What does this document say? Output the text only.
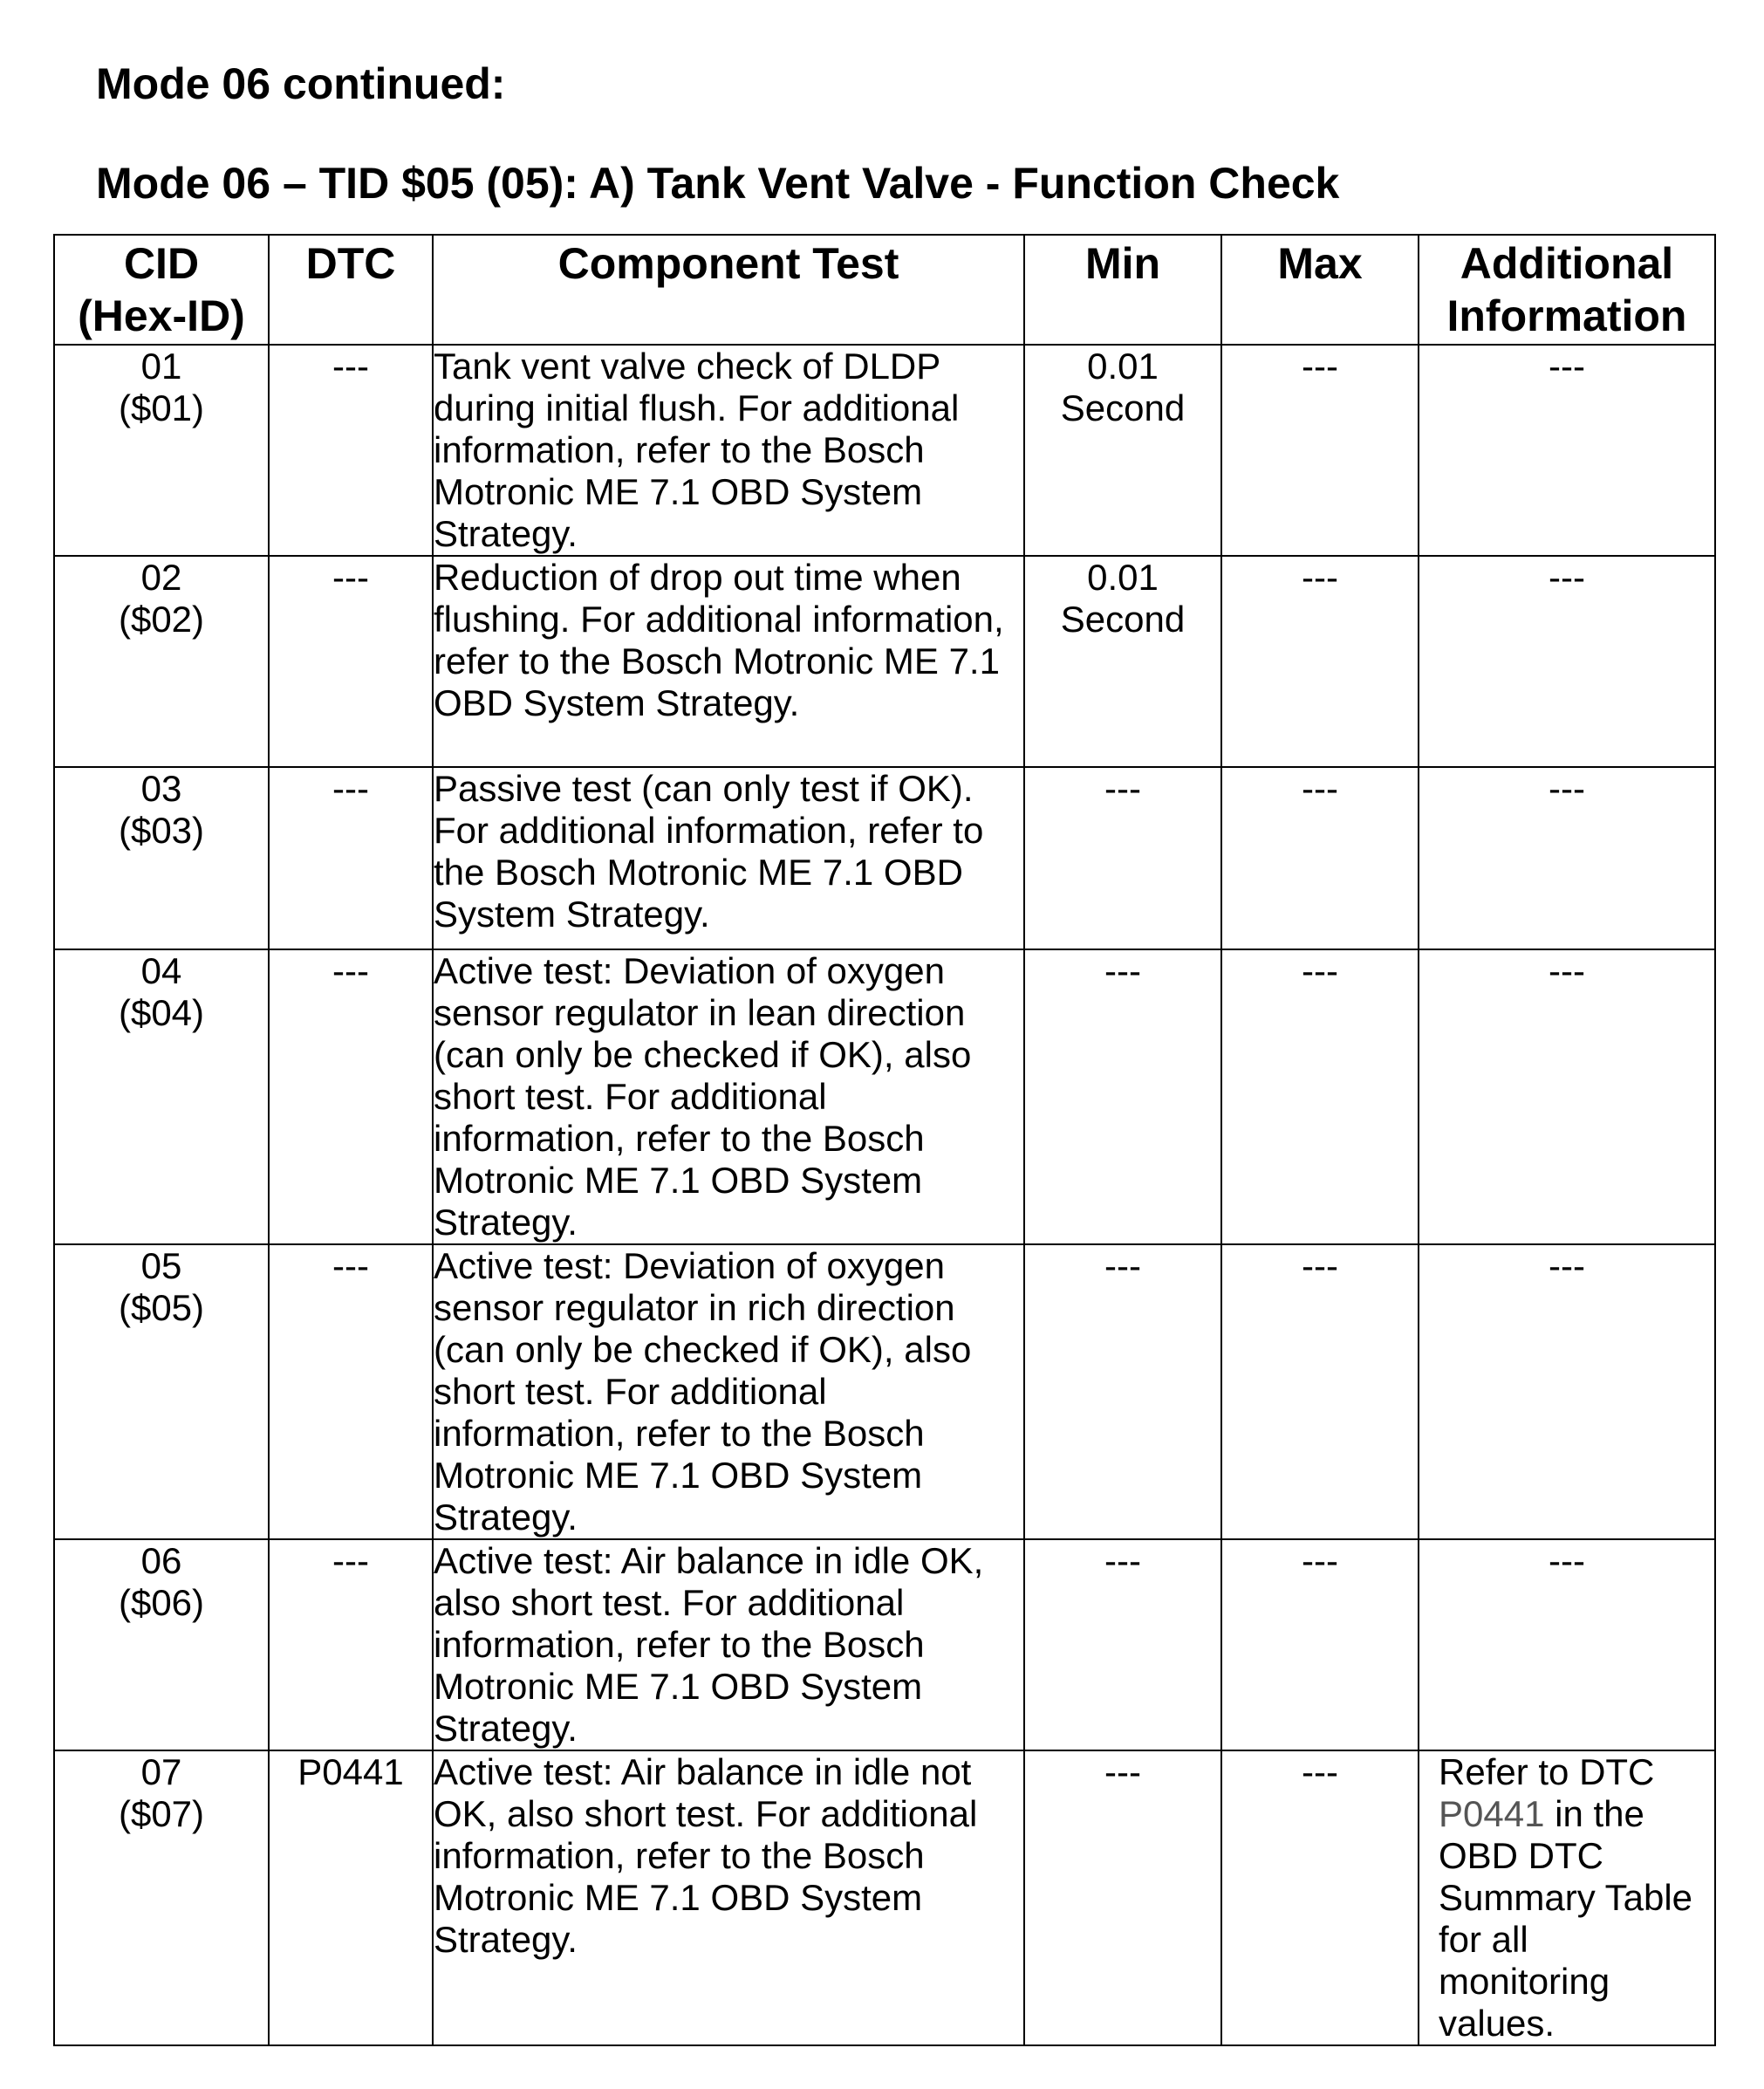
Mode 06 continued:
Mode 06 – TID $05 (05): A) Tank Vent Valve - Function Check
CID
(Hex-ID)	DTC	Component Test	Min	Max	Additional
Information

01
($01)	---	Tank vent valve check of DLDP during initial flush. For additional information, refer to the Bosch Motronic ME 7.1 OBD System Strategy.	0.01
Second	---	---

02
($02)	---	Reduction of drop out time when flushing. For additional information, refer to the Bosch Motronic ME 7.1 OBD System Strategy.	0.01
Second	---	---

03
($03)	---	Passive test (can only test if OK). For additional information, refer to the Bosch Motronic ME 7.1 OBD System Strategy.	---	---	---

04
($04)	---	Active test: Deviation of oxygen sensor regulator in lean direction (can only be checked if OK), also short test. For additional information, refer to the Bosch Motronic ME 7.1 OBD System Strategy.	---	---	---

05
($05)	---	Active test: Deviation of oxygen sensor regulator in rich direction (can only be checked if OK), also short test. For additional information, refer to the Bosch Motronic ME 7.1 OBD System Strategy.	---	---	---

06
($06)	---	Active test: Air balance in idle OK, also short test. For additional information, refer to the Bosch Motronic ME 7.1 OBD System Strategy.	---	---	---

07
($07)	P0441	Active test: Air balance in idle not OK, also short test. For additional information, refer to the Bosch Motronic ME 7.1 OBD System Strategy.	---	---	Refer to DTC P0441 in the OBD DTC Summary Table for all monitoring values.
